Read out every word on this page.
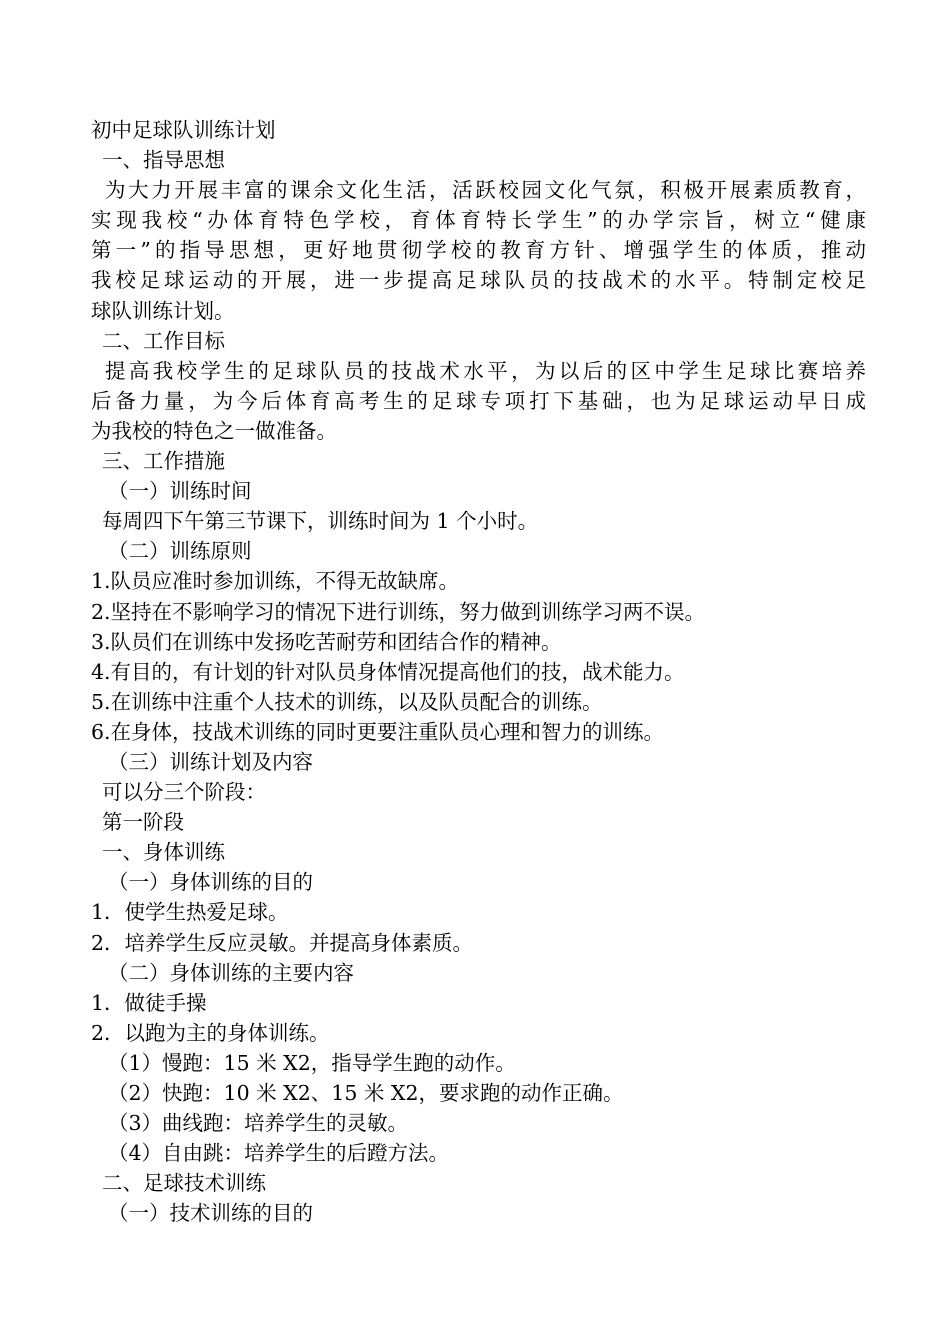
初中足球队训练计划
一、指导思想
为大力开展丰富的课余文化生活，活跃校园文化气氛，积极开展素质教育，
实现我校“办体育特色学校，育体育特长学生”的办学宗旨，树立“健康
第一”的指导思想，更好地贯彻学校的教育方针、增强学生的体质，推动
我校足球运动的开展，进一步提高足球队员的技战术的水平。特制定校足
球队训练计划。
二、工作目标
提高我校学生的足球队员的技战术水平，为以后的区中学生足球比赛培养
后备力量，为今后体育高考生的足球专项打下基础，也为足球运动早日成
为我校的特色之一做准备。
三、工作措施
（一）训练时间
每周四下午第三节课下，训练时间为 1 个小时。
（二）训练原则
1.队员应准时参加训练，不得无故缺席。
2.坚持在不影响学习的情况下进行训练，努力做到训练学习两不误。
3.队员们在训练中发扬吃苦耐劳和团结合作的精神。
4.有目的，有计划的针对队员身体情况提高他们的技，战术能力。
5.在训练中注重个人技术的训练，以及队员配合的训练。
6.在身体，技战术训练的同时更要注重队员心理和智力的训练。
（三）训练计划及内容
可以分三个阶段：
第一阶段
一、身体训练
（一）身体训练的目的
1．使学生热爱足球。
2．培养学生反应灵敏。并提高身体素质。
（二）身体训练的主要内容
1．做徒手操
2．以跑为主的身体训练。
（1）慢跑：15 米 X2，指导学生跑的动作。
（2）快跑：10 米 X2、15 米 X2，要求跑的动作正确。
（3）曲线跑：培养学生的灵敏。
（4）自由跳：培养学生的后蹬方法。
二、足球技术训练
（一）技术训练的目的
